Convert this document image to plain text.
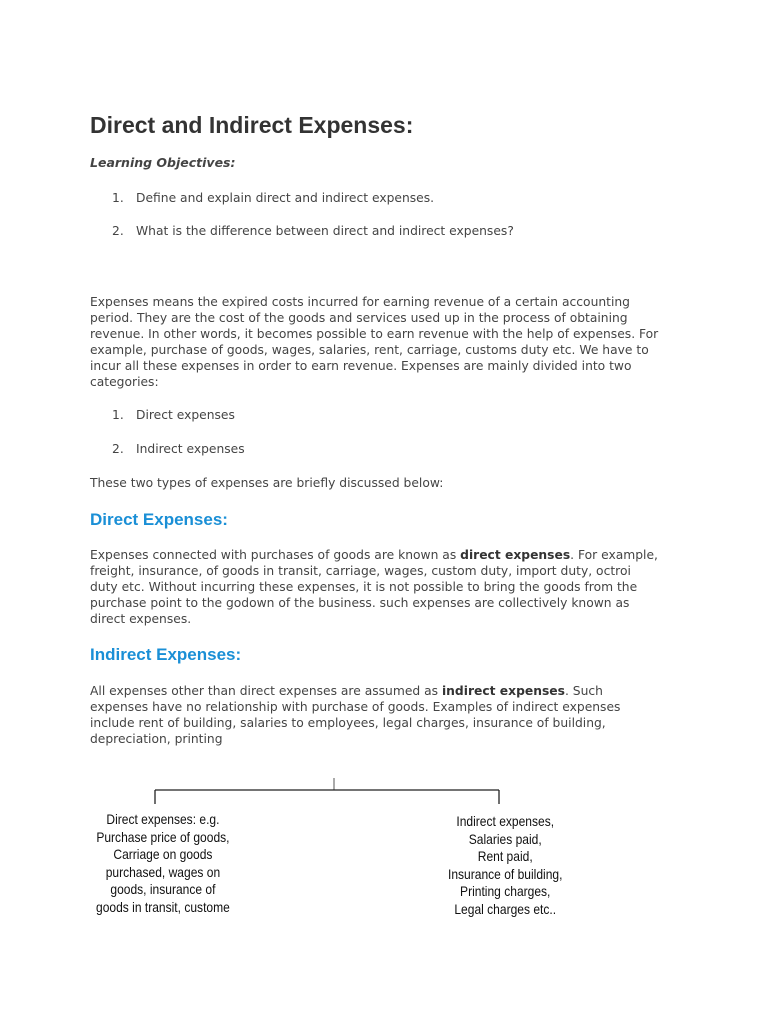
Direct and Indirect Expenses:
Learning Objectives:
1. Define and explain direct and indirect expenses.
2. What is the difference between direct and indirect expenses?
Expenses means the expired costs incurred for earning revenue of a certain accounting
period. They are the cost of the goods and services used up in the process of obtaining
revenue. In other words, it becomes possible to earn revenue with the help of expenses. For
example, purchase of goods, wages, salaries, rent, carriage, customs duty etc. We have to
incur all these expenses in order to earn revenue. Expenses are mainly divided into two
categories:
1. Direct expenses
2. Indirect expenses
These two types of expenses are briefly discussed below:
Direct Expenses:
Expenses connected with purchases of goods are known as direct expenses. For example,
freight, insurance, of goods in transit, carriage, wages, custom duty, import duty, octroi
duty etc. Without incurring these expenses, it is not possible to bring the goods from the
purchase point to the godown of the business. such expenses are collectively known as
direct expenses.
Indirect Expenses:
All expenses other than direct expenses are assumed as indirect expenses. Such
expenses have no relationship with purchase of goods. Examples of indirect expenses
include rent of building, salaries to employees, legal charges, insurance of building,
depreciation, printing
Direct expenses: e.g.
Purchase price of goods,
Carriage on goods
purchased, wages on
goods, insurance of
goods in transit, custome
Indirect expenses,
Salaries paid,
Rent paid,
Insurance of building,
Printing charges,
Legal charges etc..
